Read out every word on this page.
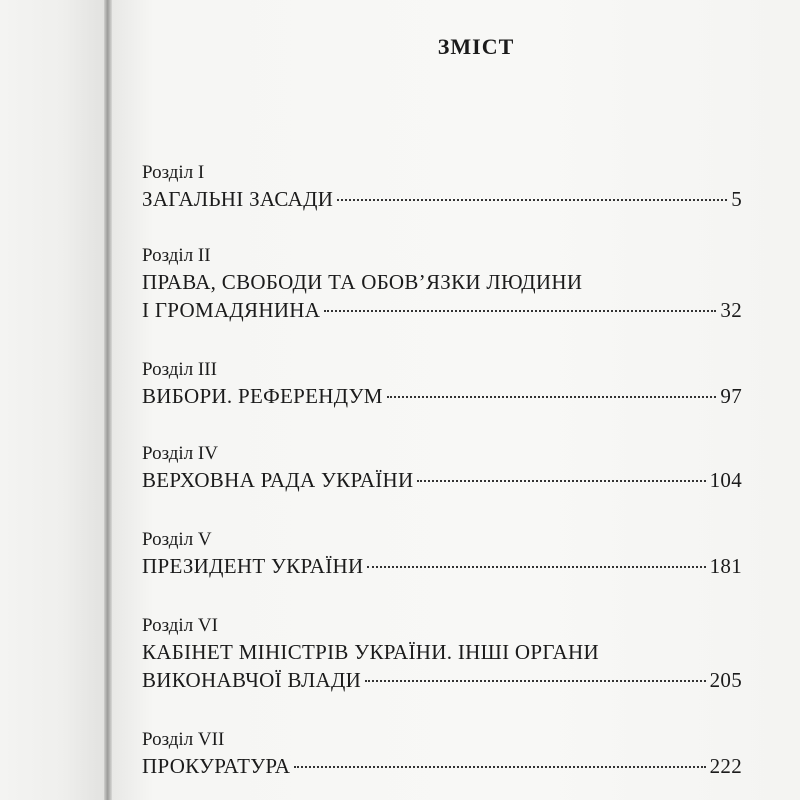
ЗМІСТ
Розділ I
ЗАГАЛЬНІ ЗАСАДИ	5
Розділ II
ПРАВА, СВОБОДИ ТА ОБОВ’ЯЗКИ ЛЮДИНИ
І ГРОМАДЯНИНА	32
Розділ III
ВИБОРИ. РЕФЕРЕНДУМ	97
Розділ IV
ВЕРХОВНА РАДА УКРАЇНИ	104
Розділ V
ПРЕЗИДЕНТ УКРАЇНИ	181
Розділ VI
КАБІНЕТ МІНІСТРІВ УКРАЇНИ. ІНШІ ОРГАНИ
ВИКОНАВЧОЇ ВЛАДИ	205
Розділ VII
ПРОКУРАТУРА	222
